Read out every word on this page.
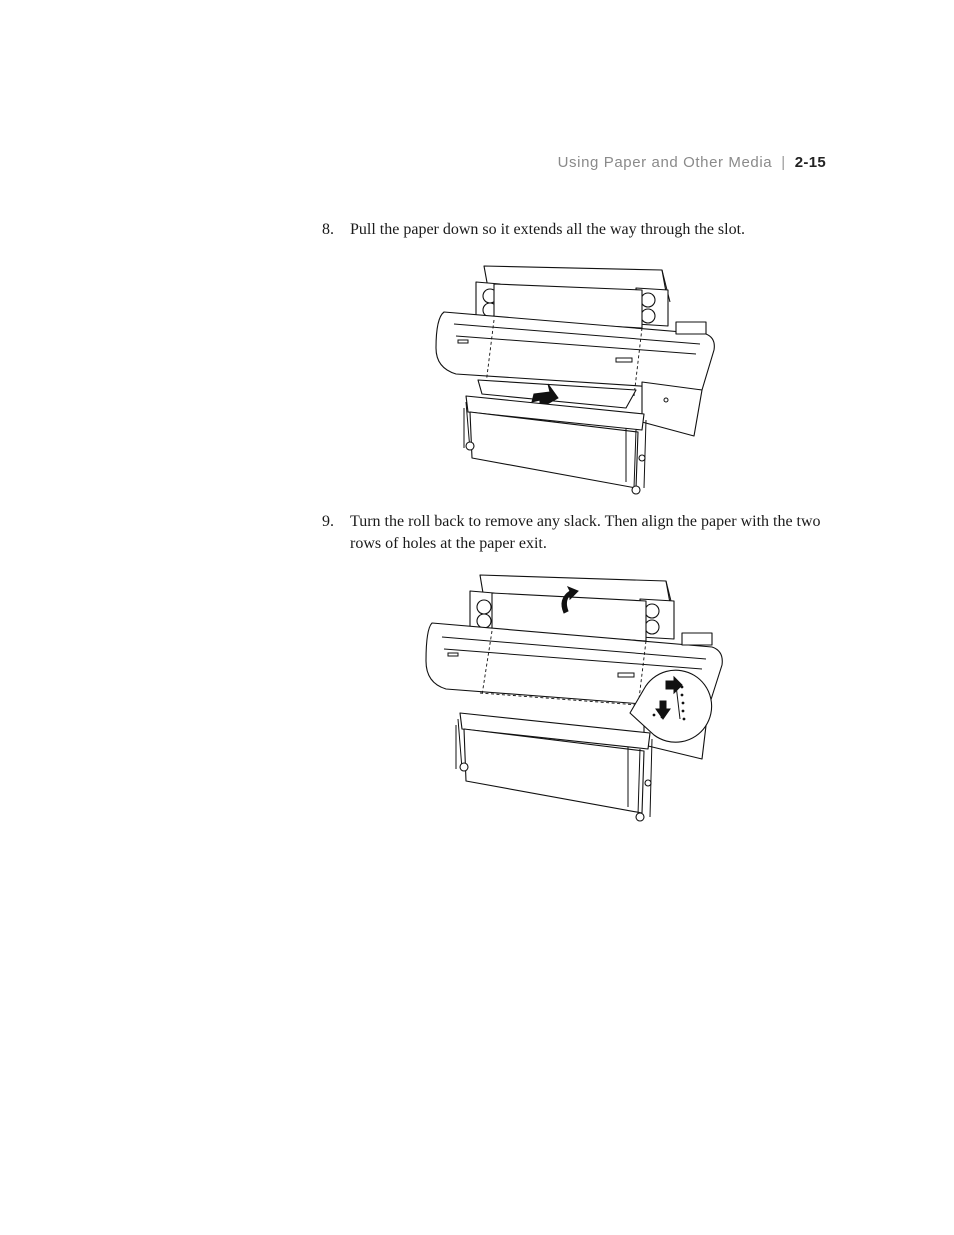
Using Paper and Other Media | 2-15
8. Pull the paper down so it extends all the way through the slot.
9. Turn the roll back to remove any slack. Then align the paper with the two rows of holes at the paper exit.
